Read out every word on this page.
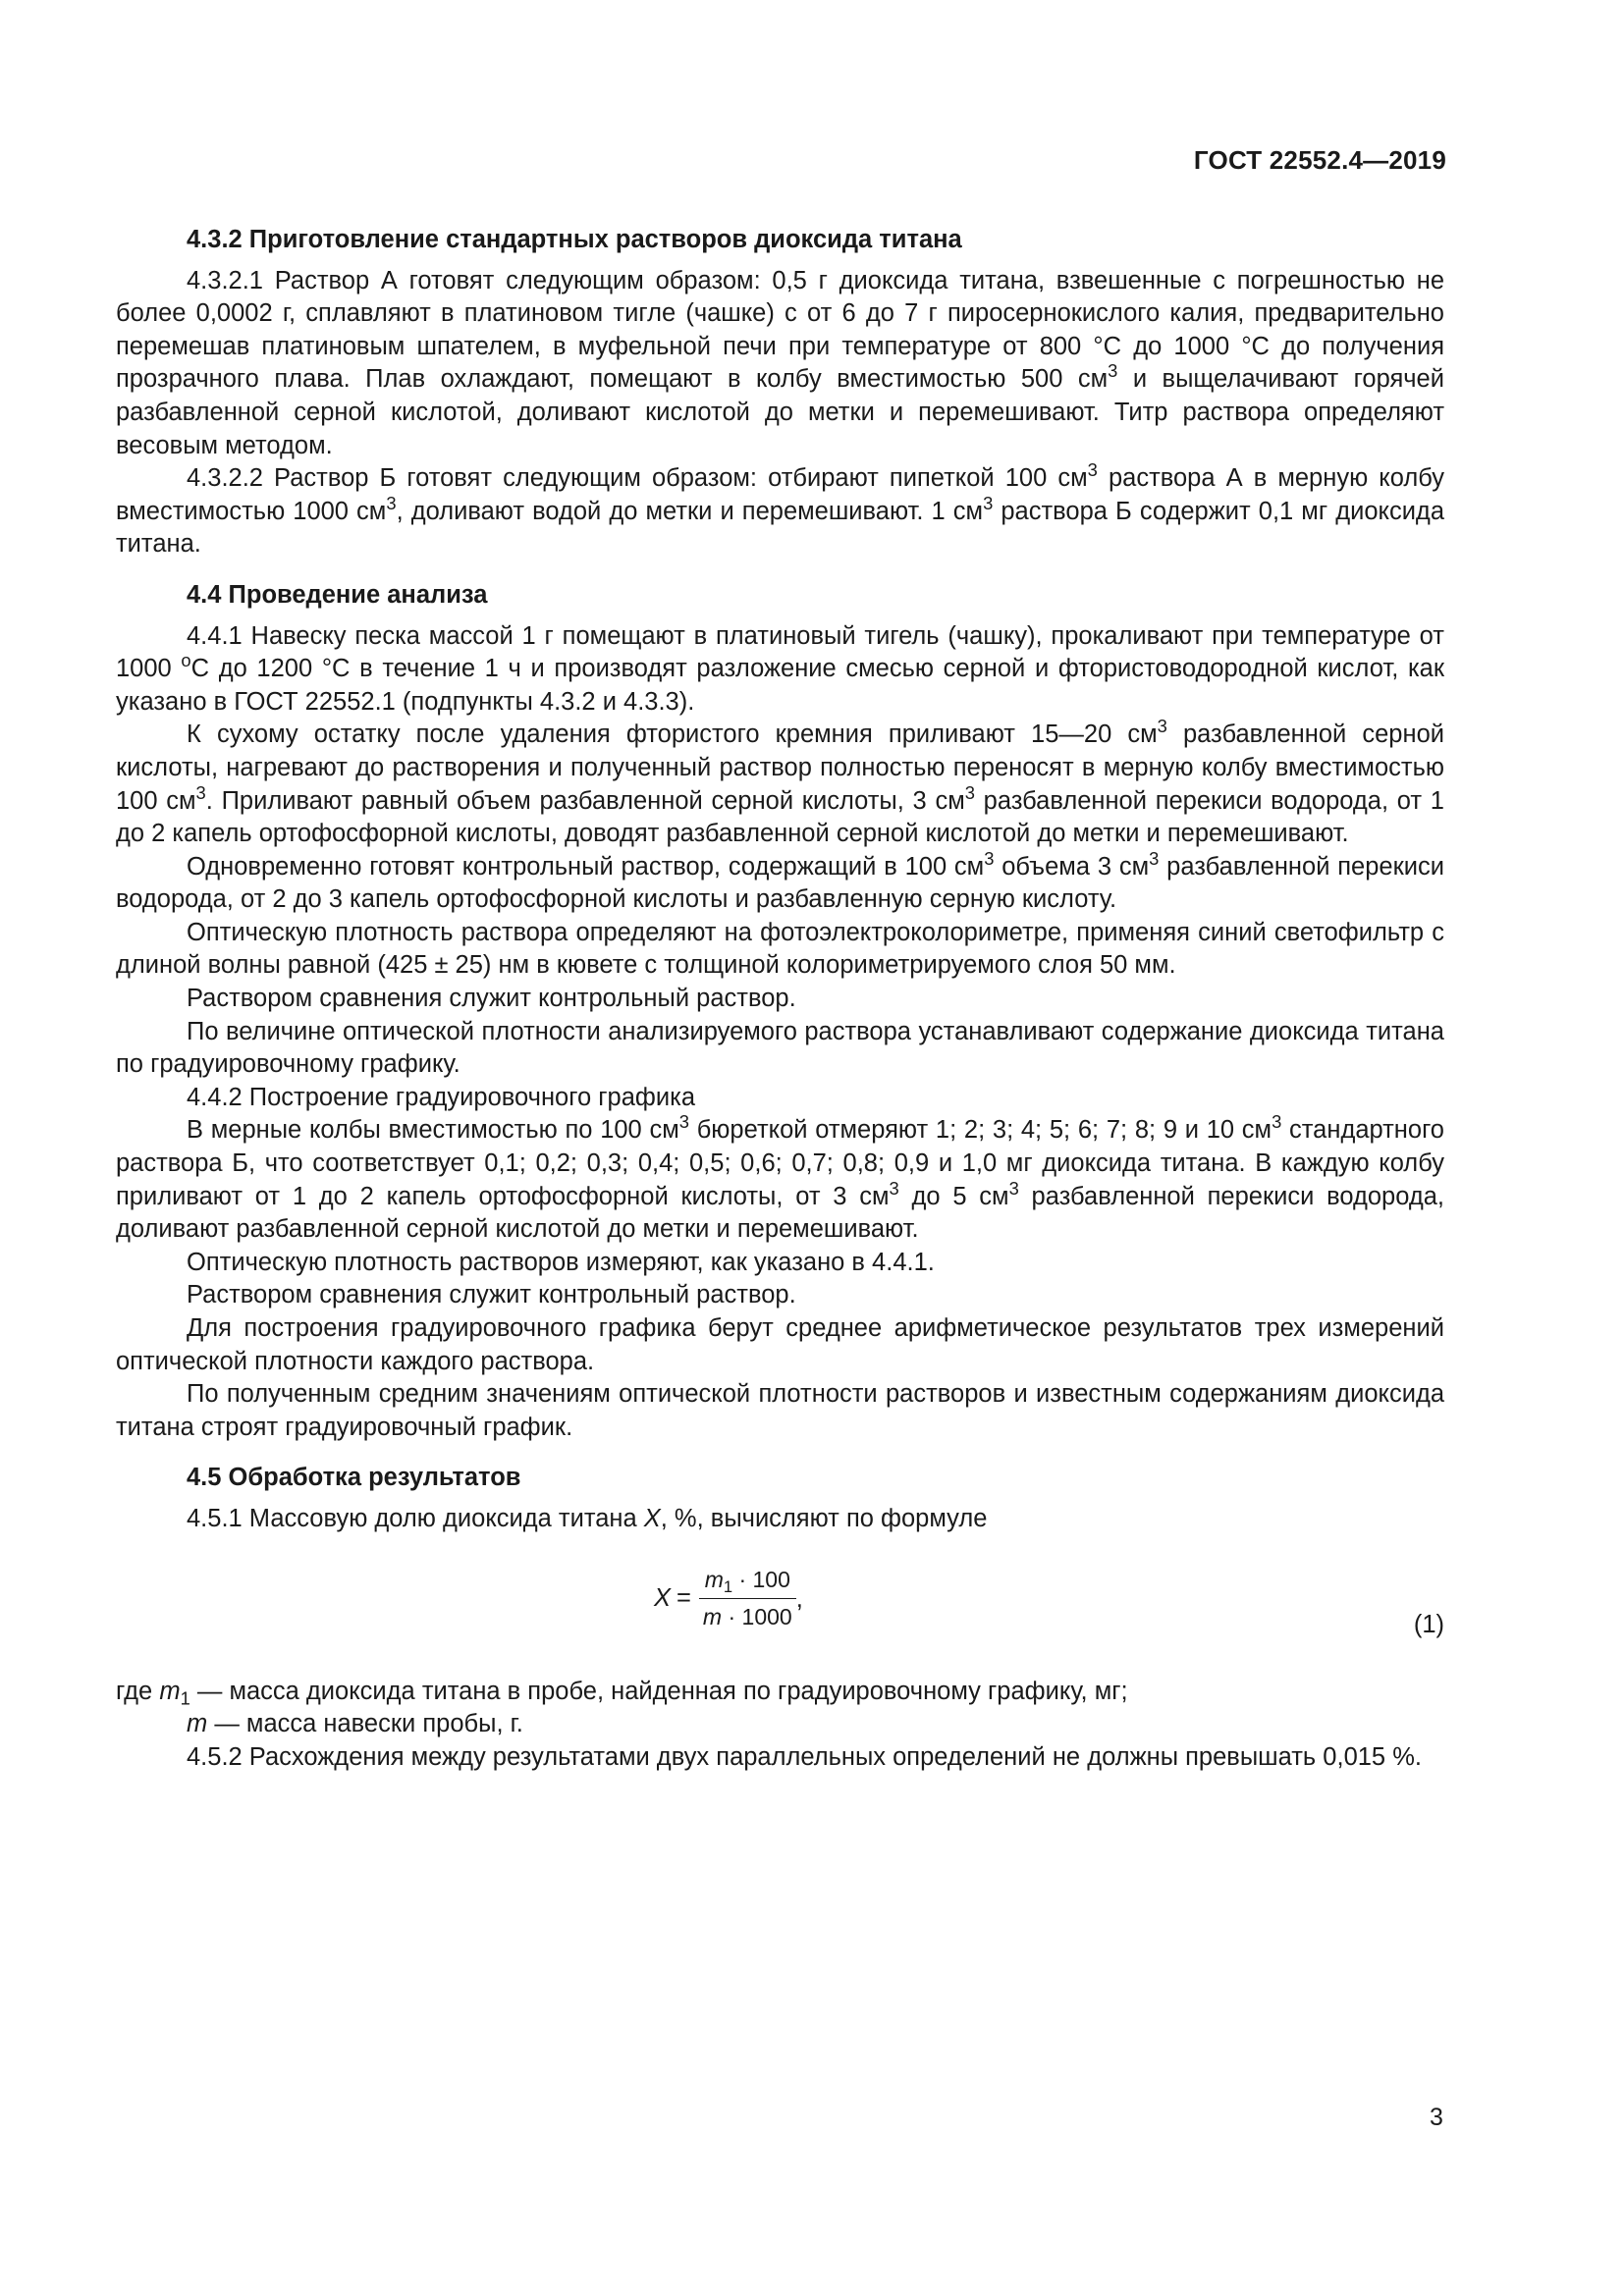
ГОСТ 22552.4—2019

4.3.2 Приготовление стандартных растворов диоксида титана

4.3.2.1 Раствор А готовят следующим образом: 0,5 г диоксида титана, взвешенные с погрешностью не более 0,0002 г, сплавляют в платиновом тигле (чашке) с от 6 до 7 г пиросернокислого калия, предварительно перемешав платиновым шпателем, в муфельной печи при температуре от 800 °С до 1000 °С до получения прозрачного плава. Плав охлаждают, помещают в колбу вместимостью 500 $см^3$ и выщелачивают горячей разбавленной серной кислотой, доливают кислотой до метки и перемешивают. Титр раствора определяют весовым методом.

4.3.2.2 Раствор Б готовят следующим образом: отбирают пипеткой 100 $см^3$ раствора А в мерную колбу вместимостью 1000 $см^3$, доливают водой до метки и перемешивают. 1 $см^3$ раствора Б содержит 0,1 мг диоксида титана.

4.4 Проведение анализа

4.4.1 Навеску песка массой 1 г помещают в платиновый тигель (чашку), прокаливают при температуре от 1000 $^о$С до 1200 °С в течение 1 ч и производят разложение смесью серной и фтористоводородной кислот, как указано в ГОСТ 22552.1 (подпункты 4.3.2 и 4.3.3).

К сухому остатку после удаления фтористого кремния приливают 15—20 $см^3$ разбавленной серной кислоты, нагревают до растворения и полученный раствор полностью переносят в мерную колбу вместимостью 100 $см^3$. Приливают равный объем разбавленной серной кислоты, 3 $см^3$ разбавленной перекиси водорода, от 1 до 2 капель ортофосфорной кислоты, доводят разбавленной серной кислотой до метки и перемешивают.

Одновременно готовят контрольный раствор, содержащий в 100 $см^3$ объема 3 $см^3$ разбавленной перекиси водорода, от 2 до 3 капель ортофосфорной кислоты и разбавленную серную кислоту.

Оптическую плотность раствора определяют на фотоэлектроколориметре, применяя синий светофильтр с длиной волны равной (425 ± 25) нм в кювете с толщиной колориметрируемого слоя 50 мм.

Раствором сравнения служит контрольный раствор.

По величине оптической плотности анализируемого раствора устанавливают содержание диоксида титана по градуировочному графику.

4.4.2 Построение градуировочного графика

В мерные колбы вместимостью по 100 $см^3$ бюреткой отмеряют 1; 2; 3; 4; 5; 6; 7; 8; 9 и 10 $см^3$ стандартного раствора Б, что соответствует 0,1; 0,2; 0,3; 0,4; 0,5; 0,6; 0,7; 0,8; 0,9 и 1,0 мг диоксида титана. В каждую колбу приливают от 1 до 2 капель ортофосфорной кислоты, от 3 $см^3$ до 5 $см^3$ разбавленной перекиси водорода, доливают разбавленной серной кислотой до метки и перемешивают.

Оптическую плотность растворов измеряют, как указано в 4.4.1.

Раствором сравнения служит контрольный раствор.

Для построения градуировочного графика берут среднее арифметическое результатов трех измерений оптической плотности каждого раствора.

По полученным средним значениям оптической плотности растворов и известным содержаниям диоксида титана строят градуировочный график.

4.5 Обработка результатов

4.5.1 Массовую долю диоксида титана X, %, вычисляют по формуле

$X = \frac{m_1 \cdot 100}{m \cdot 1000}$ ,
(1)

где $m_1$ — масса диоксида титана в пробе, найденная по градуировочному графику, мг;

m — масса навески пробы, г.

4.5.2 Расхождения между результатами двух параллельных определений не должны превышать 0,015 %.

3
